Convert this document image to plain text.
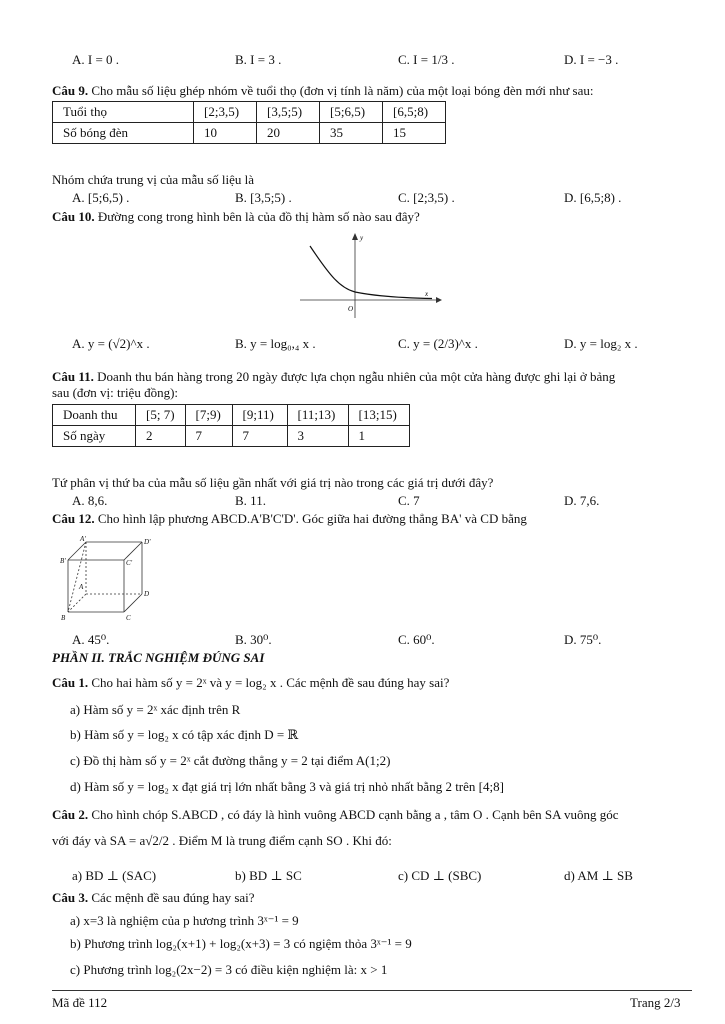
A. I = 0 .	B. I = 3 .	C. I = 1/3 .	D. I = −3 .
Câu 9. Cho mẫu số liệu ghép nhóm về tuổi thọ (đơn vị tính là năm) của một loại bóng đèn mới như sau:
Tuổi thọ	[2;3,5)	[3,5;5)	[5;6,5)	[6,5;8)
Số bóng đèn	10	20	35	15
Nhóm chứa trung vị của mẫu số liệu là
A. [5;6,5) .	B. [3,5;5) .	C. [2;3,5) .	D. [6,5;8) .
Câu 10. Đường cong trong hình bên là của đồ thị hàm số nào sau đây?
x
y
O
A. y = (√2)^x .	B. y = log₀,₄ x .	C. y = (2/3)^x .	D. y = log₂ x .
Câu 11. Doanh thu bán hàng trong 20 ngày được lựa chọn ngẫu nhiên của một cửa hàng được ghi lại ở bảng
sau (đơn vị: triệu đồng):
Doanh thu	[5; 7)	[7;9)	[9;11)	[11;13)	[13;15)
Số ngày	2	7	7	3	1
Tứ phân vị thứ ba của mẫu số liệu gần nhất với giá trị nào trong các giá trị dưới đây?
A. 8,6.	B. 11.	C. 7	D. 7,6.
Câu 12. Cho hình lập phương ABCD.A'B'C'D'. Góc giữa hai đường thẳng BA' và CD bằng
A'	D'
B'	C'
A
D
B	C
A. 45⁰.	B. 30⁰.	C. 60⁰.	D. 75⁰.
PHẦN II. TRẮC NGHIỆM ĐÚNG SAI
Câu 1. Cho hai hàm số y = 2ˣ và y = log₂ x . Các mệnh đề sau đúng hay sai?
a) Hàm số y = 2ˣ xác định trên R
b) Hàm số y = log₂ x có tập xác định D = ℝ
c) Đồ thị hàm số y = 2ˣ cắt đường thẳng y = 2 tại điểm A(1;2)
d) Hàm số y = log₂ x đạt giá trị lớn nhất bằng 3 và giá trị nhỏ nhất bằng 2 trên [4;8]
Câu 2. Cho hình chóp S.ABCD , có đáy là hình vuông ABCD cạnh bằng a , tâm O . Cạnh bên SA vuông góc
với đáy và SA = a√2/2 . Điểm M là trung điểm cạnh SO . Khi đó:
a) BD ⊥ (SAC)	b) BD ⊥ SC	c) CD ⊥ (SBC)	d) AM ⊥ SB
Câu 3. Các mệnh đề sau đúng hay sai?
a) x=3 là nghiệm của p hương trình 3ˣ⁻¹ = 9
b) Phương trình log₂(x+1) + log₂(x+3) = 3 có ngiệm thỏa 3ˣ⁻¹ = 9
c) Phương trình log₂(2x−2) = 3 có điều kiện nghiệm là: x > 1
Mã đề 112	Trang 2/3
